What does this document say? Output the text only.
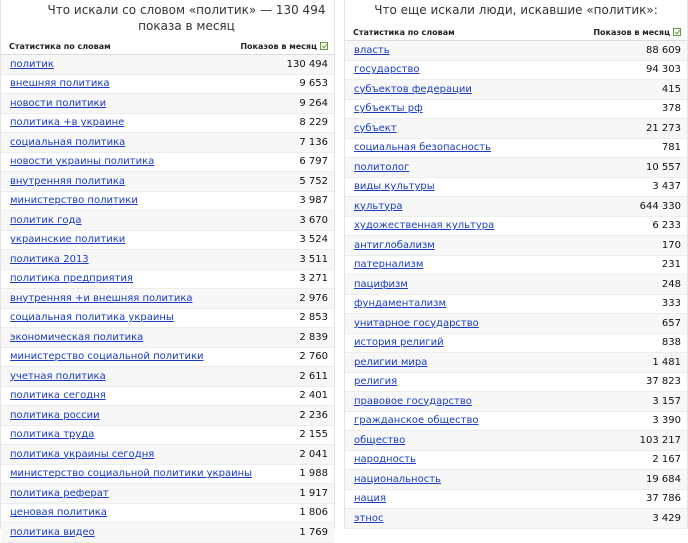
Что искали со словом «политик» — 130 494 показа в месяц
Статистика по словам	Показов в месяц
политик	130 494
внешняя политика	9 653
новости политики	9 264
политика +в украине	8 229
социальная политика	7 136
новости украины политика	6 797
внутренняя политика	5 752
министерство политики	3 987
политик года	3 670
украинские политики	3 524
политика 2013	3 511
политика предприятия	3 271
внутренняя +и внешняя политика	2 976
социальная политика украины	2 853
экономическая политика	2 839
министерство социальной политики	2 760
учетная политика	2 611
политика сегодня	2 401
политика россии	2 236
политика труда	2 155
политика украины сегодня	2 041
министерство социальной политики украины	1 988
политика реферат	1 917
ценовая политика	1 806
политика видео	1 769
Что еще искали люди, искавшие «политик»:
Статистика по словам	Показов в месяц
власть	88 609
государство	94 303
субъектов федерации	415
субъекты рф	378
субъект	21 273
социальная безопасность	781
политолог	10 557
виды культуры	3 437
культура	644 330
художественная культура	6 233
антиглобализм	170
патернализм	231
пацифизм	248
фундаментализм	333
унитарное государство	657
история религий	838
религии мира	1 481
религия	37 823
правовое государство	3 157
гражданское общество	3 390
общество	103 217
народность	2 167
национальность	19 684
нация	37 786
этнос	3 429
